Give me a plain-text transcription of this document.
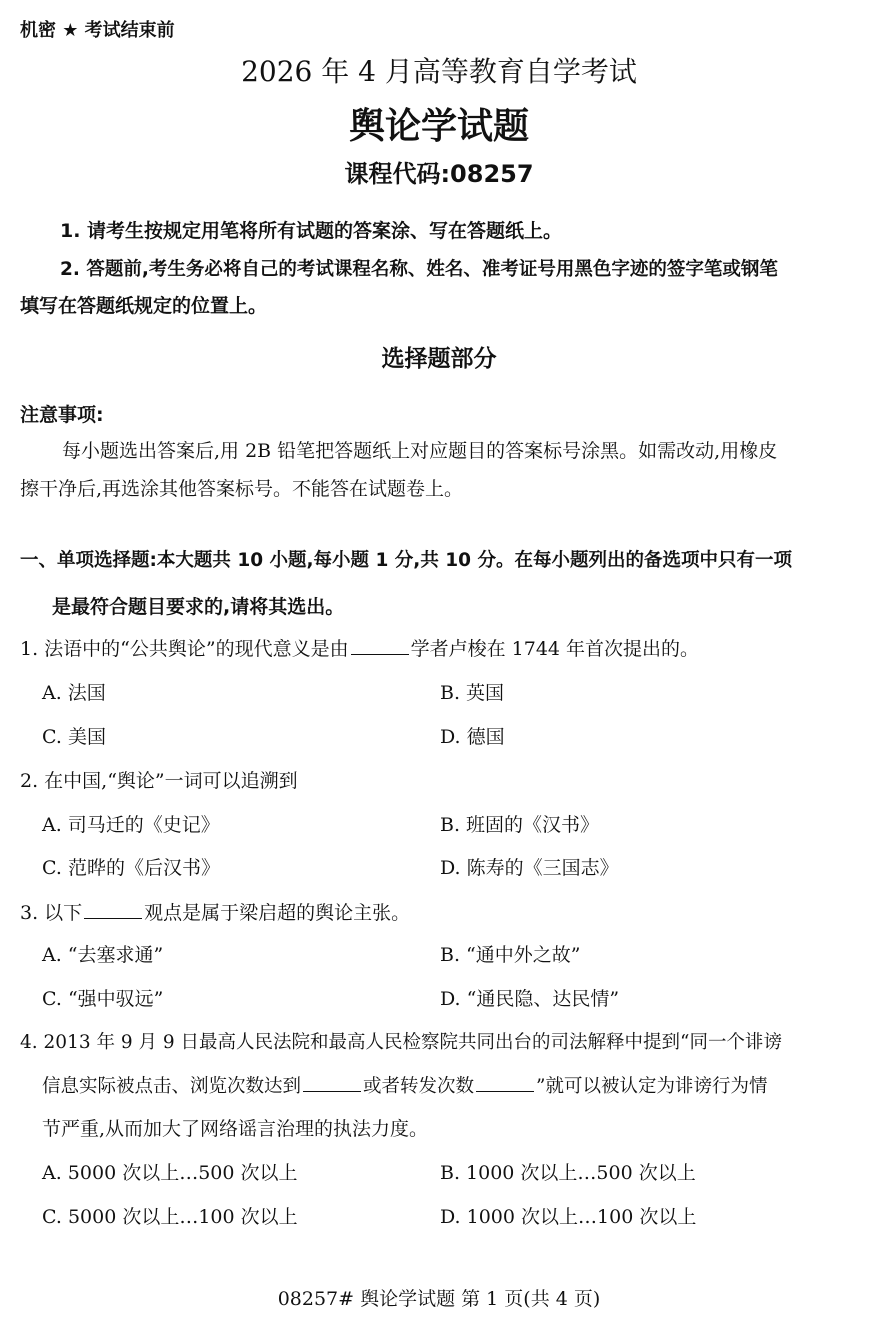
机密 ★ 考试结束前
2026 年 4 月高等教育自学考试
舆论学试题
课程代码:08257
1. 请考生按规定用笔将所有试题的答案涂、写在答题纸上。
2. 答题前,考生务必将自己的考试课程名称、姓名、准考证号用黑色字迹的签字笔或钢笔
填写在答题纸规定的位置上。
选择题部分
注意事项:
每小题选出答案后,用 2B 铅笔把答题纸上对应题目的答案标号涂黑。如需改动,用橡皮
擦干净后,再选涂其他答案标号。不能答在试题卷上。
一、单项选择题:本大题共 10 小题,每小题 1 分,共 10 分。在每小题列出的备选项中只有一项
是最符合题目要求的,请将其选出。
1. 法语中的“公共舆论”的现代意义是由	学者卢梭在 1744 年首次提出的。
A. 法国	B. 英国
C. 美国	D. 德国
2. 在中国,“舆论”一词可以追溯到
A. 司马迁的《史记》	B. 班固的《汉书》
C. 范晔的《后汉书》	D. 陈寿的《三国志》
3. 以下	观点是属于梁启超的舆论主张。
A. “去塞求通”	B. “通中外之故”
C. “强中驭远”	D. “通民隐、达民情”
4. 2013 年 9 月 9 日最高人民法院和最高人民检察院共同出台的司法解释中提到“同一个诽谤
信息实际被点击、浏览次数达到	或者转发次数	”就可以被认定为诽谤行为情
节严重,从而加大了网络谣言治理的执法力度。
A. 5000 次以上…500 次以上	B. 1000 次以上…500 次以上
C. 5000 次以上…100 次以上	D. 1000 次以上…100 次以上
08257# 舆论学试题 第 1 页(共 4 页)
